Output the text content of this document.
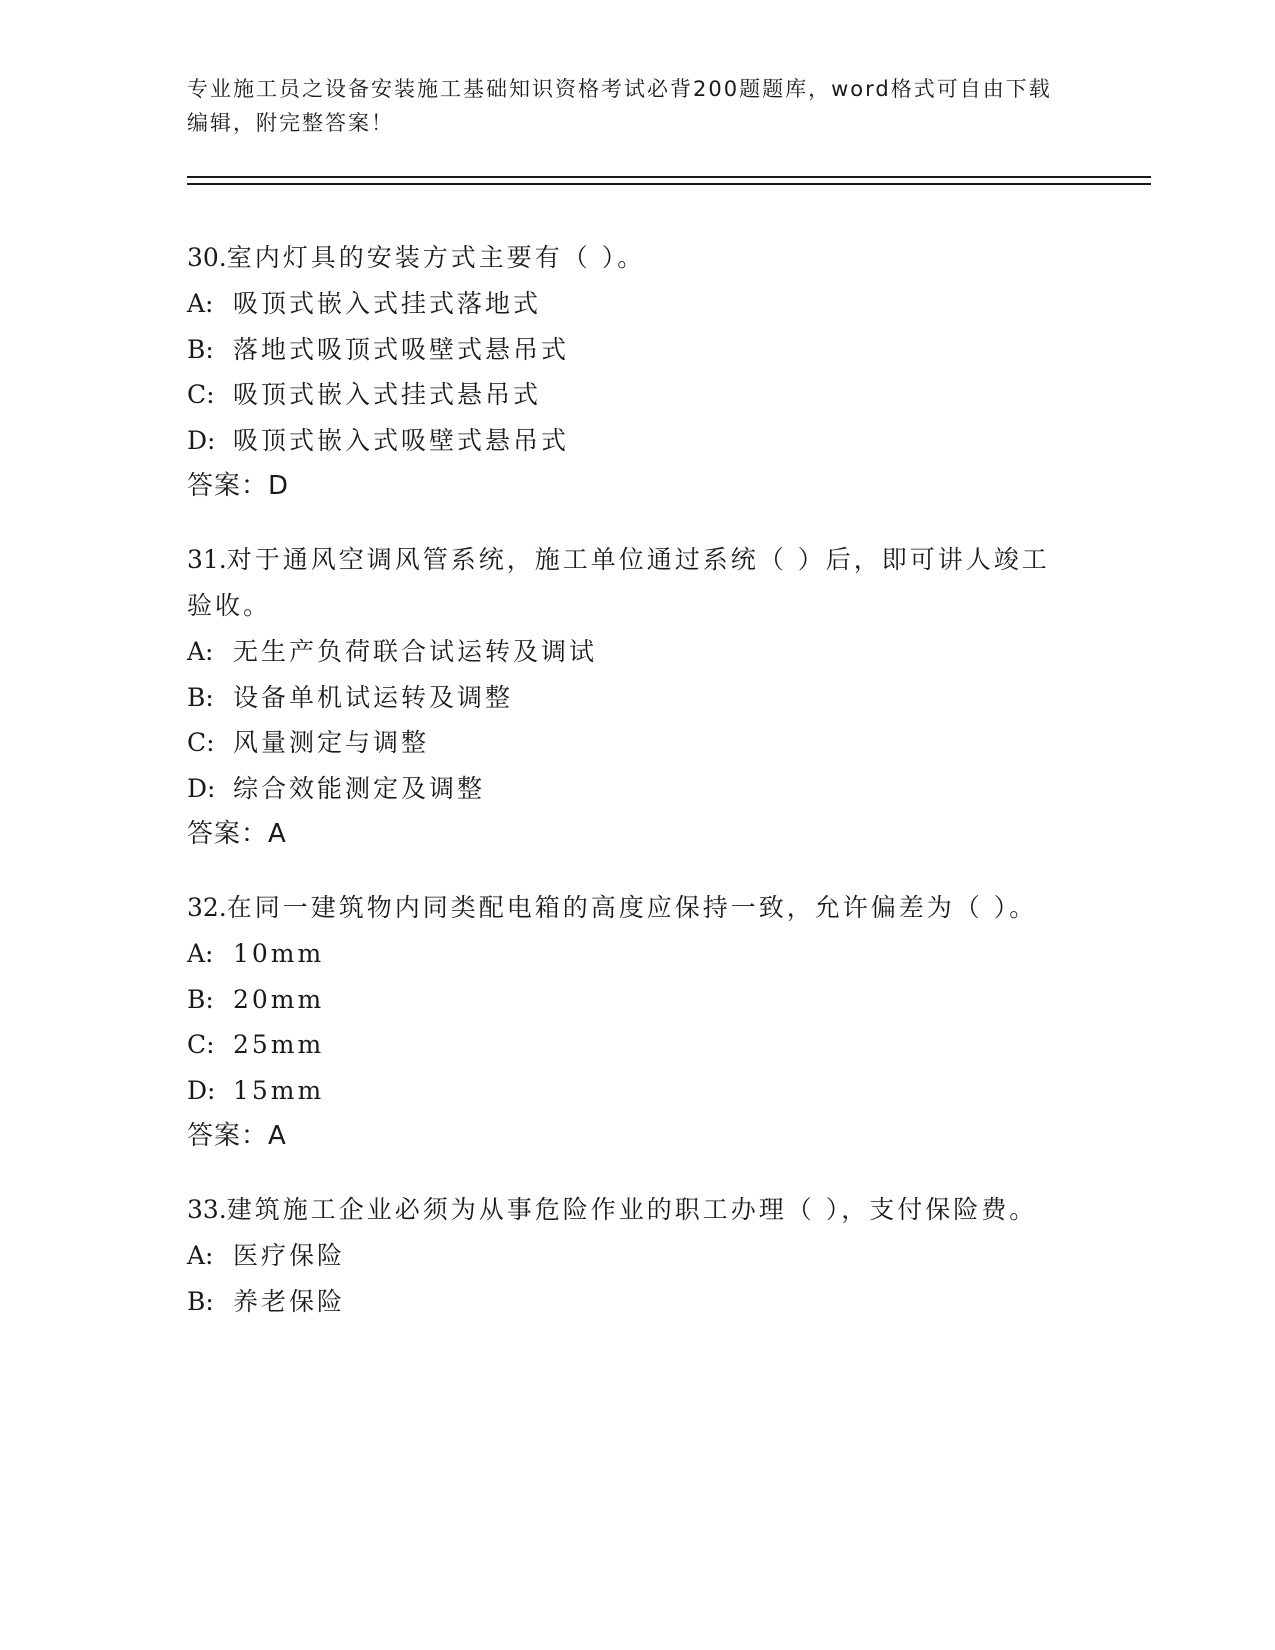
专业施工员之设备安装施工基础知识资格考试必背200题题库，word格式可自由下载编辑，附完整答案！
30.室内灯具的安装方式主要有（ ）。
A: 吸顶式嵌入式挂式落地式
B: 落地式吸顶式吸壁式悬吊式
C: 吸顶式嵌入式挂式悬吊式
D: 吸顶式嵌入式吸壁式悬吊式
答案：D
31.对于通风空调风管系统，施工单位通过系统（ ）后，即可讲人竣工验收。
A: 无生产负荷联合试运转及调试
B: 设备单机试运转及调整
C: 风量测定与调整
D: 综合效能测定及调整
答案：A
32.在同一建筑物内同类配电箱的高度应保持一致，允许偏差为（ ）。
A: 10mm
B: 20mm
C: 25mm
D: 15mm
答案：A
33.建筑施工企业必须为从事危险作业的职工办理（ ），支付保险费。
A: 医疗保险
B: 养老保险
